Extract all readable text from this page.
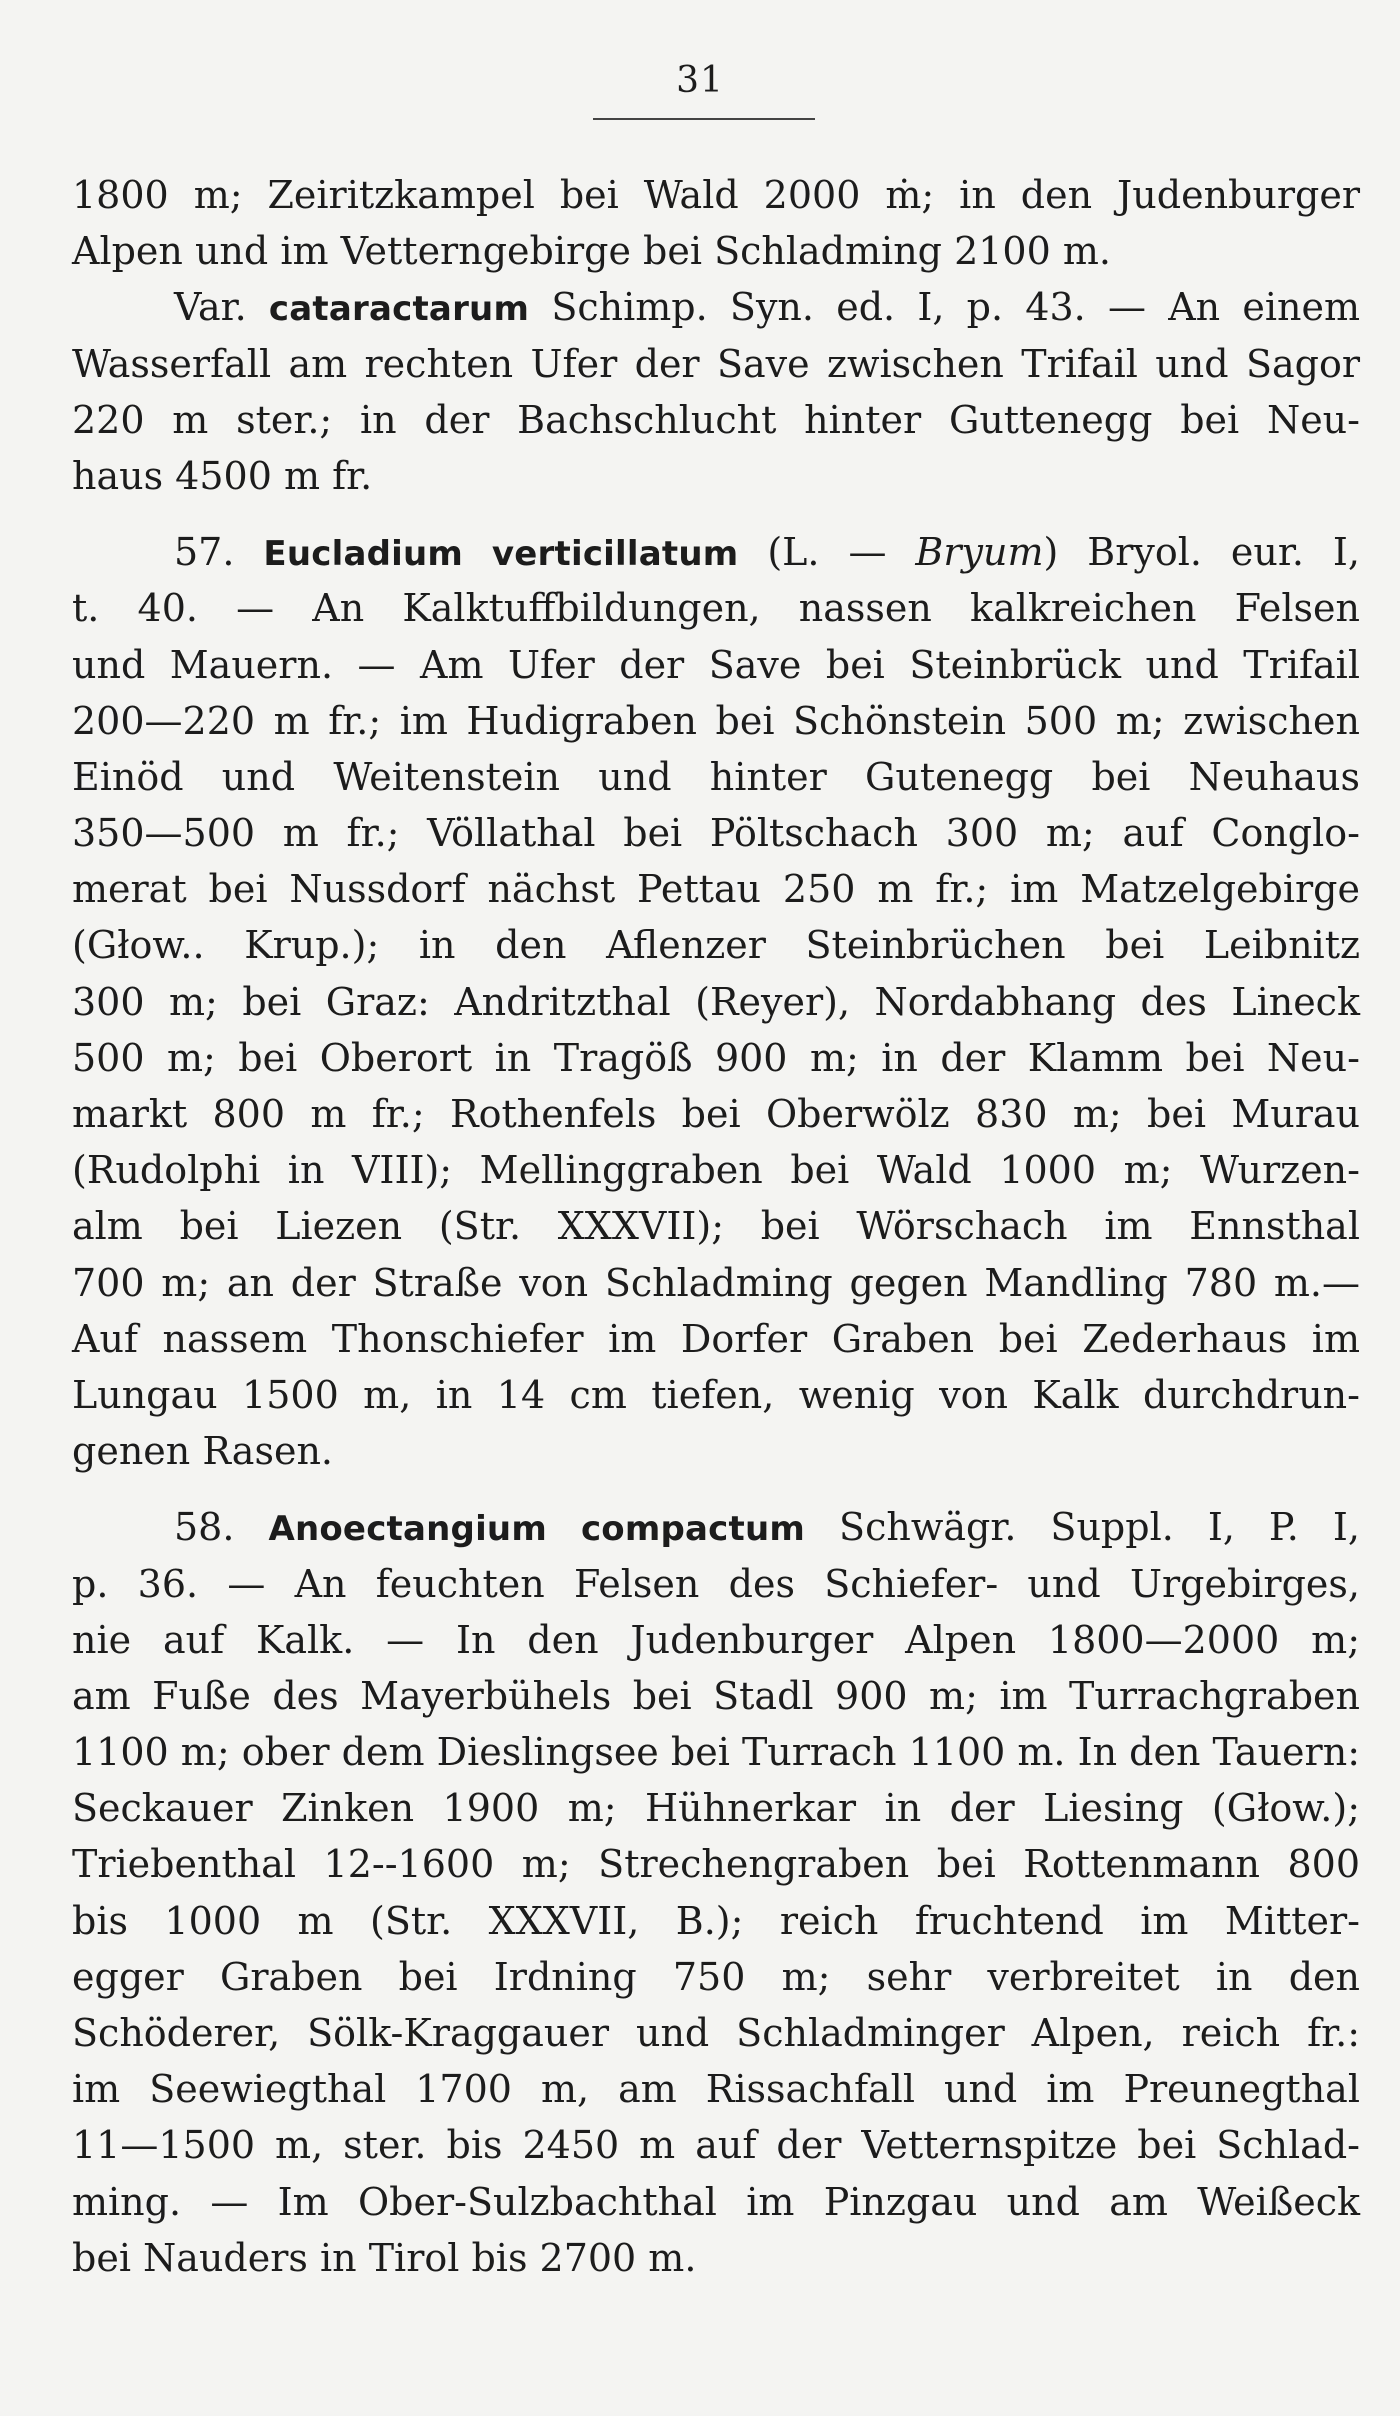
31
1800 m; Zeiritzkampel bei Wald 2000 ṁ; in den Judenburger
Alpen und im Vetterngebirge bei Schladming 2100 m.
Var. cataractarum Schimp. Syn. ed. I, p. 43. — An einem
Wasserfall am rechten Ufer der Save zwischen Trifail und Sagor
220 m ster.; in der Bachschlucht hinter Guttenegg bei Neu-
haus 4500 m fr.
57. Eucladium verticillatum (L. — Bryum) Bryol. eur. I,
t. 40. — An Kalktuffbildungen, nassen kalkreichen Felsen
und Mauern. — Am Ufer der Save bei Steinbrück und Trifail
200—220 m fr.; im Hudigraben bei Schönstein 500 m; zwischen
Einöd und Weitenstein und hinter Gutenegg bei Neuhaus
350—500 m fr.; Völlathal bei Pöltschach 300 m; auf Conglo-
merat bei Nussdorf nächst Pettau 250 m fr.; im Matzelgebirge
(Głow.. Krup.); in den Aflenzer Steinbrüchen bei Leibnitz
300 m; bei Graz: Andritzthal (Reyer), Nordabhang des Lineck
500 m; bei Oberort in Tragöß 900 m; in der Klamm bei Neu-
markt 800 m fr.; Rothenfels bei Oberwölz 830 m; bei Murau
(Rudolphi in VIII); Mellinggraben bei Wald 1000 m; Wurzen-
alm bei Liezen (Str. XXXVII); bei Wörschach im Ennsthal
700 m; an der Straße von Schladming gegen Mandling 780 m.—
Auf nassem Thonschiefer im Dorfer Graben bei Zederhaus im
Lungau 1500 m, in 14 cm tiefen, wenig von Kalk durchdrun-
genen Rasen.
58. Anoectangium compactum Schwägr. Suppl. I, P. I,
p. 36. — An feuchten Felsen des Schiefer- und Urgebirges,
nie auf Kalk. — In den Judenburger Alpen 1800—2000 m;
am Fuße des Mayerbühels bei Stadl 900 m; im Turrachgraben
1100 m; ober dem Dieslingsee bei Turrach 1100 m. In den Tauern:
Seckauer Zinken 1900 m; Hühnerkar in der Liesing (Głow.);
Triebenthal 12--1600 m; Strechengraben bei Rottenmann 800
bis 1000 m (Str. XXXVII, B.); reich fruchtend im Mitter-
egger Graben bei Irdning 750 m; sehr verbreitet in den
Schöderer, Sölk-Kraggauer und Schladminger Alpen, reich fr.:
im Seewiegthal 1700 m, am Rissachfall und im Preunegthal
11—1500 m, ster. bis 2450 m auf der Vetternspitze bei Schlad-
ming. — Im Ober-Sulzbachthal im Pinzgau und am Weißeck
bei Nauders in Tirol bis 2700 m.
